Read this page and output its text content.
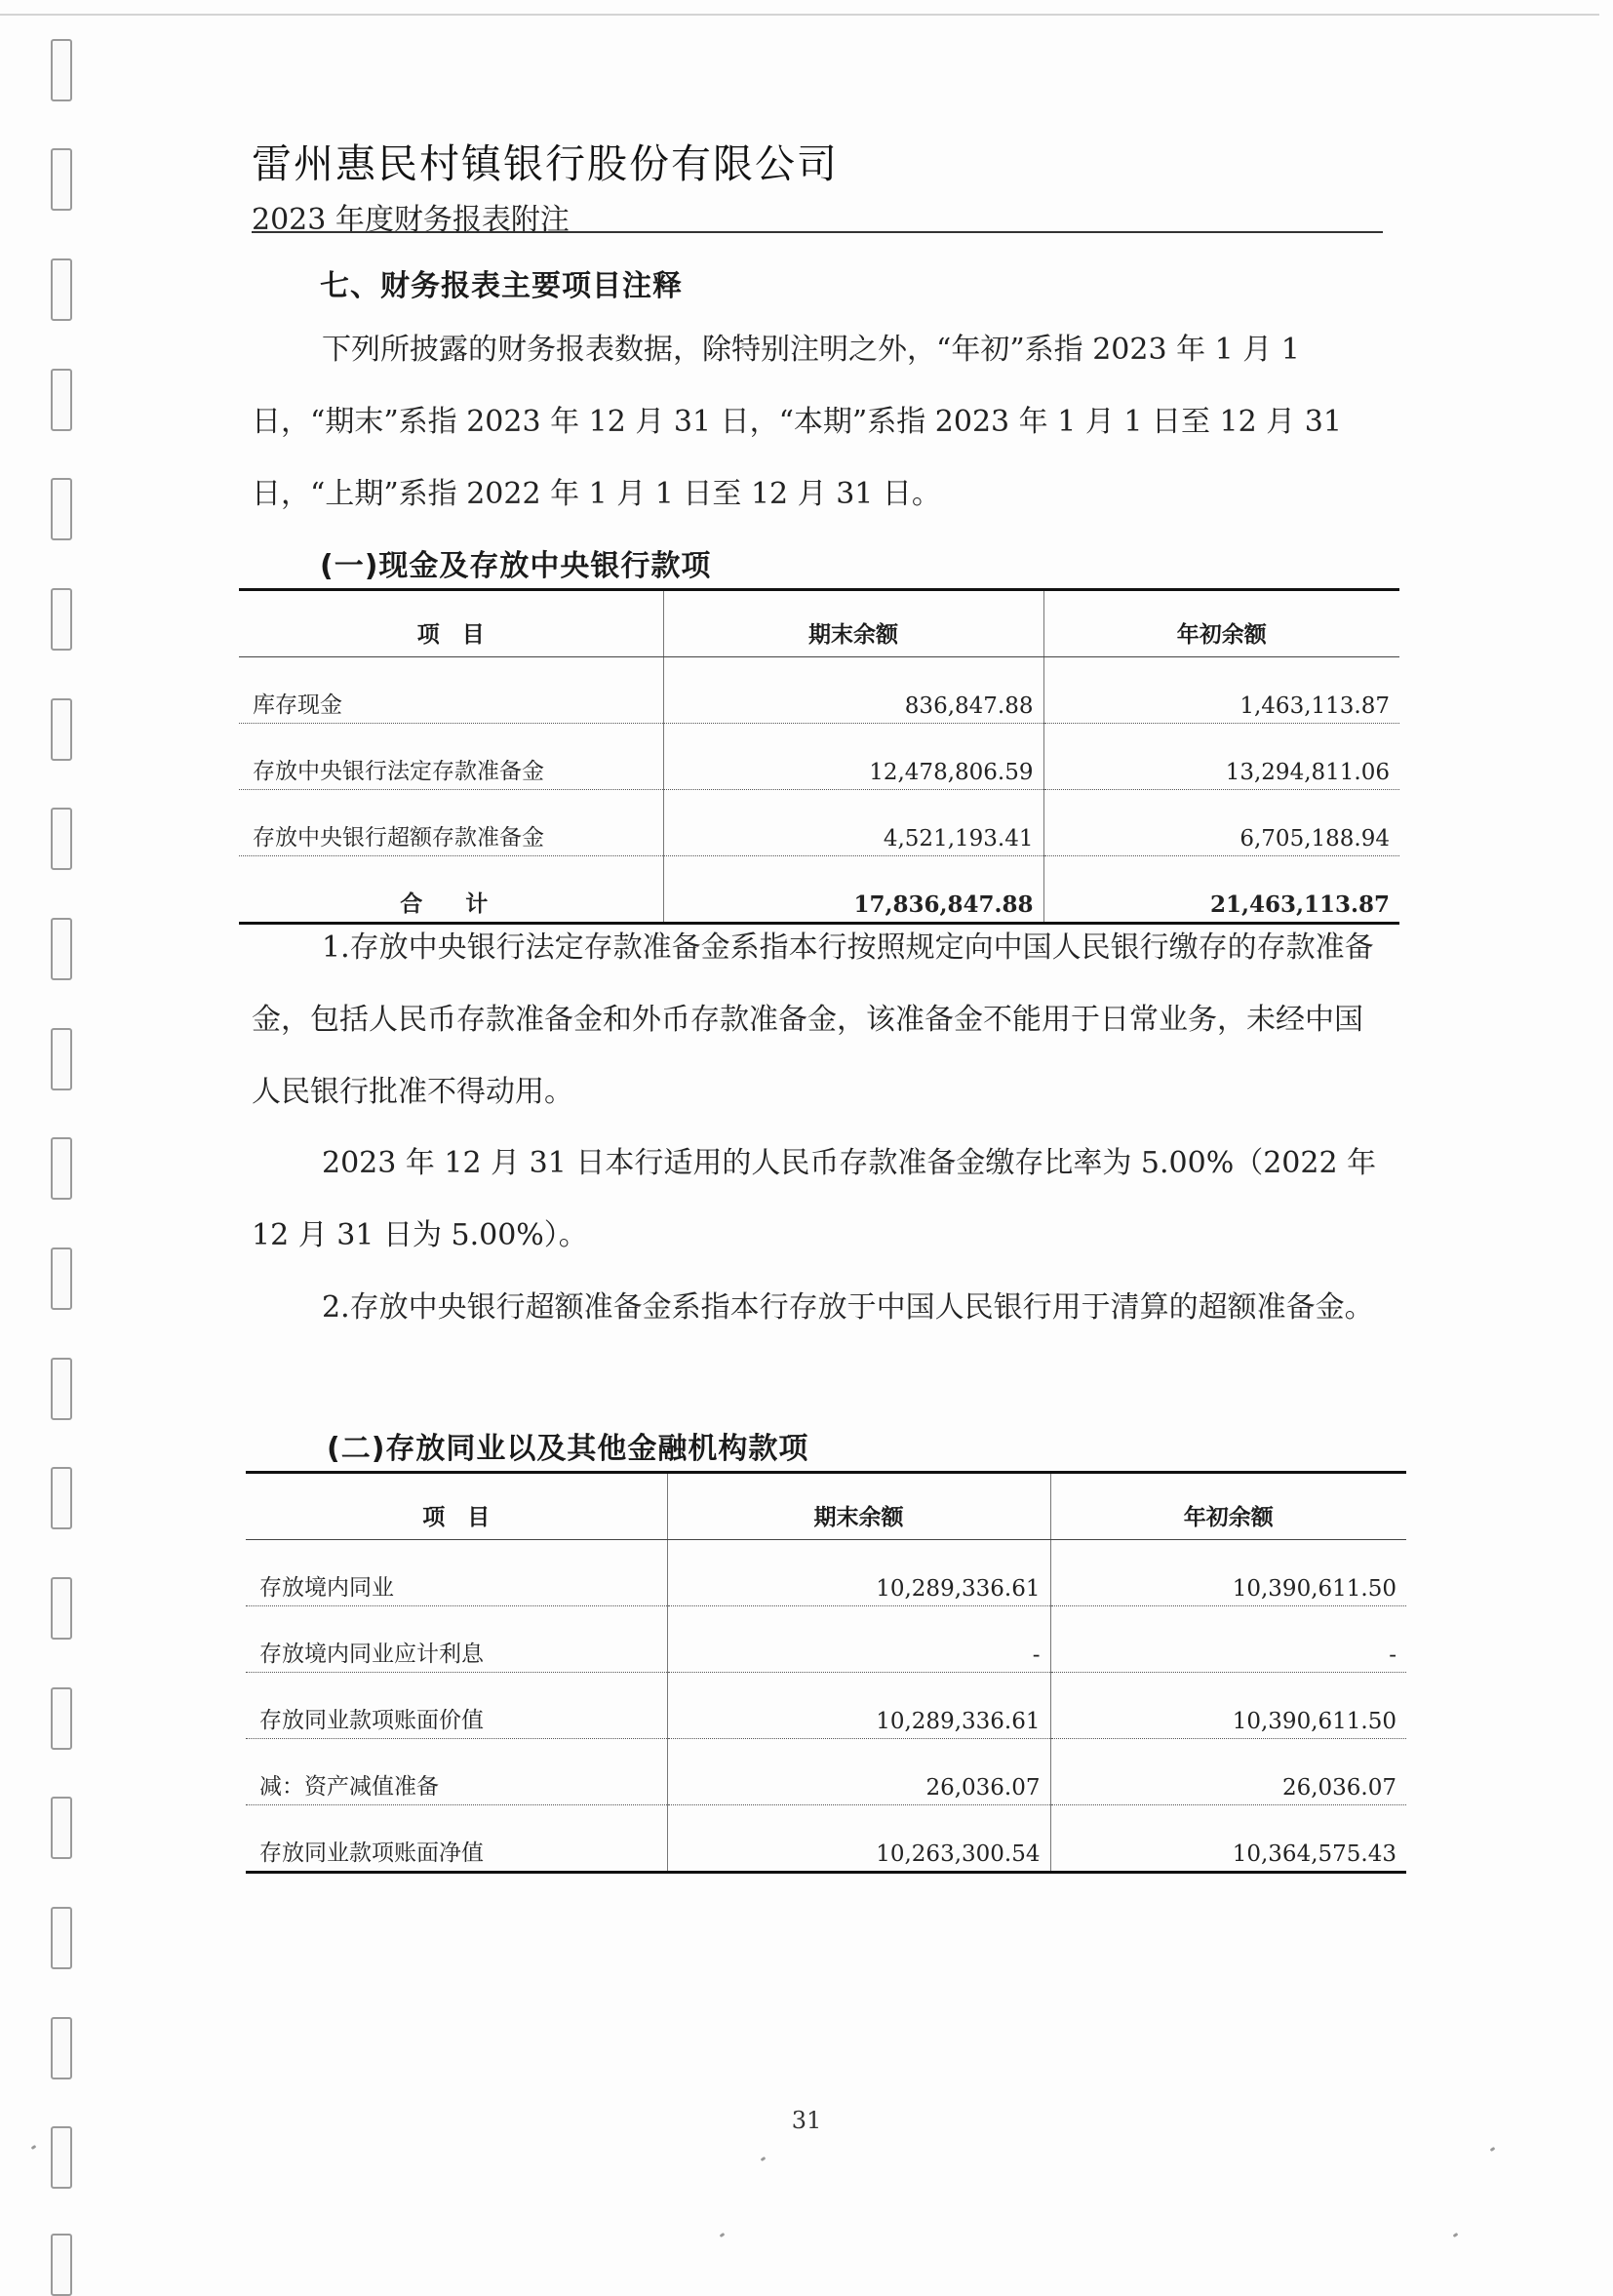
雷州惠民村镇银行股份有限公司
2023 年度财务报表附注
七、财务报表主要项目注释

下列所披露的财务报表数据，除特别注明之外，“年初”系指 2023 年 1 月 1 日，“期末”系指 2023 年 12 月 31 日，“本期”系指 2023 年 1 月 1 日至 12 月 31 日，“上期”系指 2022 年 1 月 1 日至 12 月 31 日。

(一)现金及存放中央银行款项
项　目	期末余额	年初余额
库存现金	836,847.88	1,463,113.87
存放中央银行法定存款准备金	12,478,806.59	13,294,811.06
存放中央银行超额存款准备金	4,521,193.41	6,705,188.94
合 计	17,836,847.88	21,463,113.87

1.存放中央银行法定存款准备金系指本行按照规定向中国人民银行缴存的存款准备金，包括人民币存款准备金和外币存款准备金，该准备金不能用于日常业务，未经中国人民银行批准不得动用。

2023 年 12 月 31 日本行适用的人民币存款准备金缴存比率为 5.00%（2022 年 12 月 31 日为 5.00%）。

2.存放中央银行超额准备金系指本行存放于中国人民银行用于清算的超额准备金。

(二)存放同业以及其他金融机构款项
项　目	期末余额	年初余额
存放境内同业	10,289,336.61	10,390,611.50
存放境内同业应计利息	-	-
存放同业款项账面价值	10,289,336.61	10,390,611.50
减：资产减值准备	26,036.07	26,036.07
存放同业款项账面净值	10,263,300.54	10,364,575.43
31
